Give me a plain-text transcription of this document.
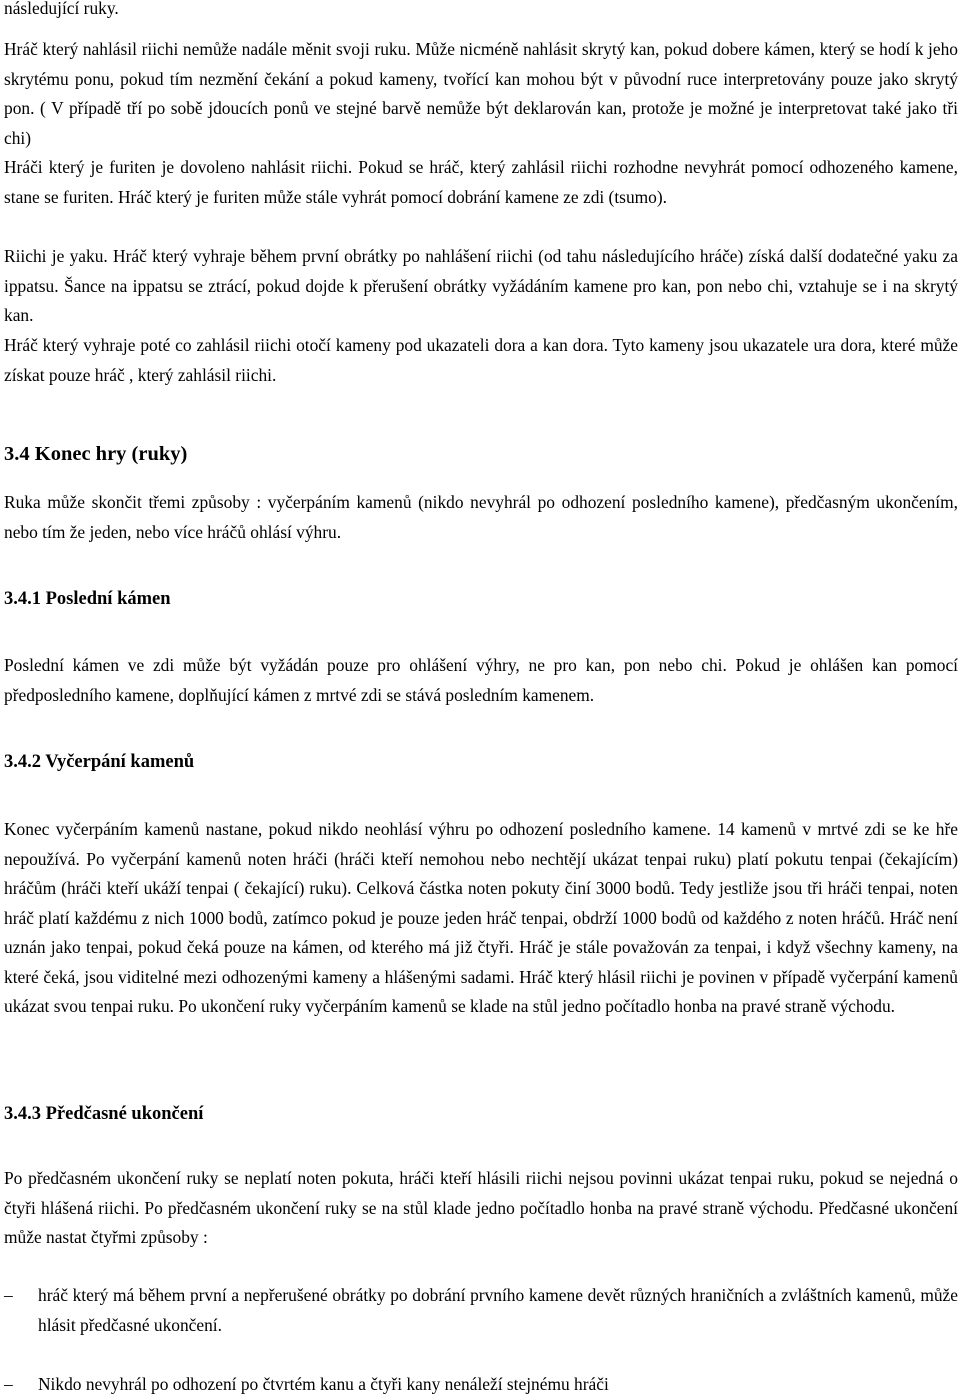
následující ruky.

Hráč který nahlásil riichi nemůže nadále měnit svoji ruku. Může nicméně nahlásit skrytý kan, pokud dobere kámen, který se hodí k jeho skrytému ponu, pokud tím nezmění čekání a pokud kameny, tvořící kan mohou být v původní ruce interpretovány pouze jako skrytý pon. ( V případě tří po sobě jdoucích ponů ve stejné barvě nemůže být deklarován kan, protože je možné je interpretovat také jako tři chi)

Hráči který je furiten je dovoleno nahlásit riichi. Pokud se hráč, který zahlásil riichi rozhodne nevyhrát pomocí odhozeného kamene, stane se furiten. Hráč který je furiten může stále vyhrát pomocí dobrání kamene ze zdi (tsumo).

Riichi je yaku. Hráč který vyhraje během první obrátky po nahlášení riichi (od tahu následujícího hráče) získá další dodatečné yaku za ippatsu. Šance na ippatsu se ztrácí, pokud dojde k přerušení obrátky vyžádáním kamene pro kan, pon nebo chi, vztahuje se i na skrytý kan.

Hráč který vyhraje poté co zahlásil riichi otočí kameny pod ukazateli dora a kan dora. Tyto kameny jsou ukazatele ura dora, které může získat pouze hráč , který zahlásil riichi.

3.4 Konec hry (ruky)

Ruka může skončit třemi způsoby : vyčerpáním kamenů (nikdo nevyhrál po odhození posledního kamene), předčasným ukončením, nebo tím že jeden, nebo více hráčů ohlásí výhru.

3.4.1 Poslední kámen

Poslední kámen ve zdi může být vyžádán pouze pro ohlášení výhry, ne pro kan, pon nebo chi. Pokud je ohlášen kan pomocí předposledního kamene, doplňující kámen z mrtvé zdi se stává posledním kamenem.

3.4.2 Vyčerpání kamenů

Konec vyčerpáním kamenů nastane, pokud nikdo neohlásí výhru po odhození posledního kamene. 14 kamenů v mrtvé zdi se ke hře nepoužívá. Po vyčerpání kamenů noten hráči (hráči kteří nemohou nebo nechtějí ukázat tenpai ruku) platí pokutu tenpai (čekajícím) hráčům (hráči kteří ukáží tenpai ( čekající) ruku). Celková částka noten pokuty činí 3000 bodů. Tedy jestliže jsou tři hráči tenpai, noten hráč platí každému z nich 1000 bodů, zatímco pokud je pouze jeden hráč tenpai, obdrží 1000 bodů od každého z noten hráčů. Hráč není uznán jako tenpai, pokud čeká pouze na kámen, od kterého má již čtyři. Hráč je stále považován za tenpai, i když všechny kameny, na které čeká, jsou viditelné mezi odhozenými kameny a hlášenými sadami. Hráč který hlásil riichi je povinen v případě vyčerpání kamenů ukázat svou tenpai ruku. Po ukončení ruky vyčerpáním kamenů se klade na stůl jedno počítadlo honba na pravé straně východu.

3.4.3 Předčasné ukončení

Po předčasném ukončení ruky se neplatí noten pokuta, hráči kteří hlásili riichi nejsou povinni ukázat tenpai ruku, pokud se nejedná o čtyři hlášená riichi. Po předčasném ukončení ruky se na stůl klade jedno počítadlo honba na pravé straně východu. Předčasné ukončení může nastat čtyřmi způsoby :

–	hráč který má během první a nepřerušené obrátky po dobrání prvního kamene devět různých hraničních a zvláštních kamenů, může hlásit předčasné ukončení.
–	Nikdo nevyhrál po odhození po čtvrtém kanu a čtyři kany nenáleží stejnému hráči
